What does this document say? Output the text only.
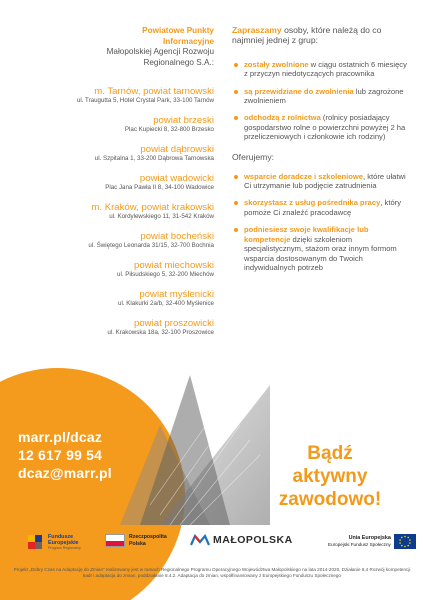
Powiatowe Punkty
Informacyjne
Małopolskiej Agencji Rozwoju
Regionalnego S.A.:
m. Tarnów, powiat tarnowski
ul. Traugutta 5, Hotel Crystal Park, 33-100 Tarnów
powiat brzeski
Plac Kupiecki 8, 32-800 Brzesko
powiat dąbrowski
ul. Szpitalna 1, 33-200 Dąbrowa Tarnowska
powiat wadowicki
Plac Jana Pawła II 8, 34-100 Wadowice
m. Kraków, powiat krakowski
ul. Kordylewskiego 11, 31-542 Kraków
powiat bocheński
ul. Świętego Leonarda 31/15, 32-700 Bochnia
powiat miechowski
ul. Piłsudskiego 5, 32-200 Miechów
powiat myślenicki
ul. Klakurki 2a/b, 32-400 Myślenice
powiat proszowicki
ul. Krakowska 18a, 32-100 Proszowice

Zapraszamy osoby, które należą do co najmniej jednej z grup:

zostały zwolnione w ciągu ostatnich 6 miesięcy z przyczyn niedotyczących pracownika
są przewidziane do zwolnienia lub zagrożone zwolnieniem
odchodzą z rolnictwa (rolnicy posiadający gospodarstwo rolne o powierzchni powyżej 2 ha przeliczeniowych i członkowie ich rodziny)
Oferujemy:
wsparcie doradcze i szkoleniowe, które ułatwi Ci utrzymanie lub podjęcie zatrudnienia
skorzystasz z usług pośrednika pracy, który pomoże Ci znaleźć pracodawcę
podniesiesz swoje kwalifikacje lub kompetencje dzięki szkoleniom specjalistycznym, stażom oraz innym formom wsparcia dostosowanym do Twoich indywidualnych potrzeb
marr.pl/dcaz
12 617 99 54
dcaz@marr.pl
Bądź
aktywny
zawodowo!
Fundusze
Europejskie
Program Regionalny
Rzeczpospolita
Polska	MAŁOPOLSKA	Unia Europejska
Europejski Fundusz Społeczny
Projekt „Dobry Czas na Adaptację do Zmian” realizowany jest w ramach Regionalnego Programu Operacyjnego Województwa Małopolskiego na lata 2014-2020, Działanie 8.4 Rozwój kompetencji kadr i adaptacja do zmian, poddziałanie 8.4.2. Adaptacja do zmian, współfinansowany z Europejskiego Funduszu Społecznego
